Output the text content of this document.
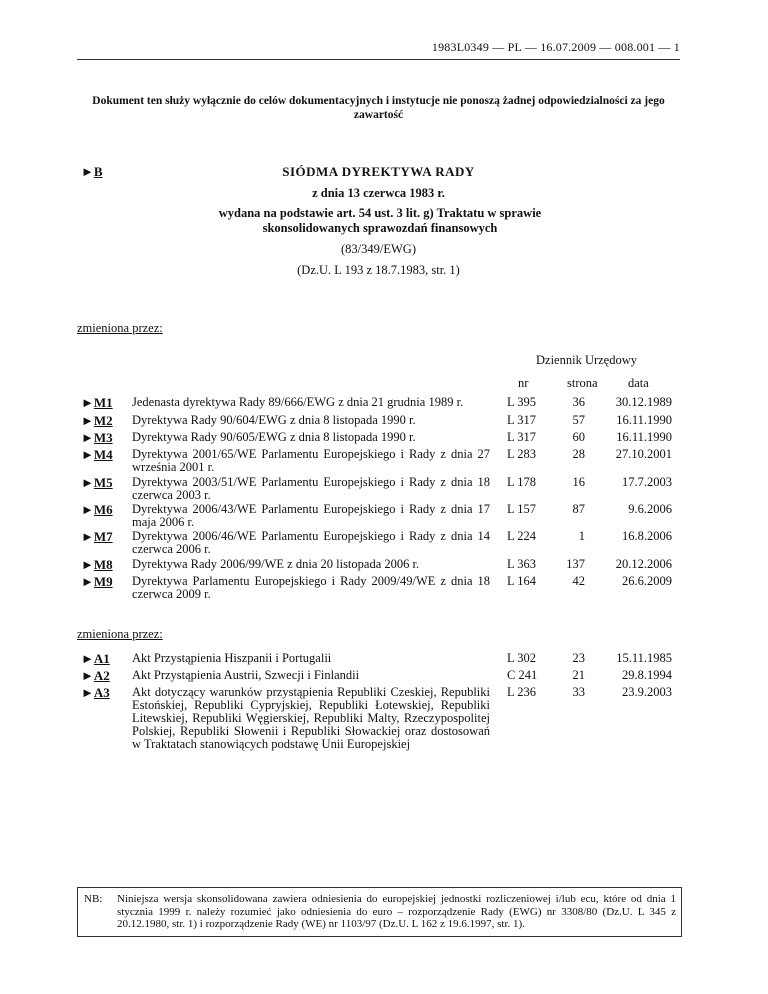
1983L0349 — PL — 16.07.2009 — 008.001 — 1
Dokument ten służy wyłącznie do celów dokumentacyjnych i instytucje nie ponoszą żadnej odpowiedzialności za jego zawartość
►B	SIÓDMA DYREKTYWA RADY
z dnia 13 czerwca 1983 r.
wydana na podstawie art. 54 ust. 3 lit. g) Traktatu w sprawie skonsolidowanych sprawozdań finansowych
(83/349/EWG)
(Dz.U. L 193 z 18.7.1983, str. 1)
zmieniona przez:
Dziennik Urzędowy
nr	strona data
►M1 Jedenasta dyrektywa Rady 89/666/EWG z dnia 21 grudnia 1989 r.	L 395	36	30.12.1989
►M2 Dyrektywa Rady 90/604/EWG z dnia 8 listopada 1990 r.	L 317	57	16.11.1990
►M3 Dyrektywa Rady 90/605/EWG z dnia 8 listopada 1990 r.	L 317	60	16.11.1990
►M4 Dyrektywa 2001/65/WE Parlamentu Europejskiego i Rady z dnia 27 września 2001 r.
L 283	28	27.10.2001
►M5 Dyrektywa 2003/51/WE Parlamentu Europejskiego i Rady z dnia 18 czerwca 2003 r.
L 178	16	17.7.2003
►M6 Dyrektywa 2006/43/WE Parlamentu Europejskiego i Rady z dnia 17 maja 2006 r.
L 157	87	9.6.2006
►M7 Dyrektywa 2006/46/WE Parlamentu Europejskiego i Rady z dnia 14 czerwca 2006 r.
L 224	1	16.8.2006
►M8 Dyrektywa Rady 2006/99/WE z dnia 20 listopada 2006 r.	L 363	137	20.12.2006
►M9 Dyrektywa Parlamentu Europejskiego i Rady 2009/49/WE z dnia 18 czerwca 2009 r.
L 164	42	26.6.2009
zmieniona przez:
►A1 Akt Przystąpienia Hiszpanii i Portugalii	L 302	23	15.11.1985
►A2 Akt Przystąpienia Austrii, Szwecji i Finlandii	C 241	21	29.8.1994
►A3 Akt dotyczący warunków przystąpienia Republiki Czeskiej, Republiki Estońskiej, Republiki Cypryjskiej, Republiki Łotewskiej, Republiki Litewskiej, Republiki Węgierskiej, Republiki Malty, Rzeczypospolitej Polskiej, Republiki Słowenii i Republiki Słowackiej oraz dostosowań w Traktatach stanowiących podstawę Unii Europejskiej
L 236	33	23.9.2003
NB: Niniejsza wersja skonsolidowana zawiera odniesienia do europejskiej jednostki rozliczeniowej i/lub ecu, które od dnia 1 stycznia 1999 r. należy rozumieć jako odniesienia do euro – rozporządzenie Rady (EWG) nr 3308/80 (Dz.U. L 345 z 20.12.1980, str. 1) i rozporządzenie Rady (WE) nr 1103/97 (Dz.U. L 162 z 19.6.1997, str. 1).
